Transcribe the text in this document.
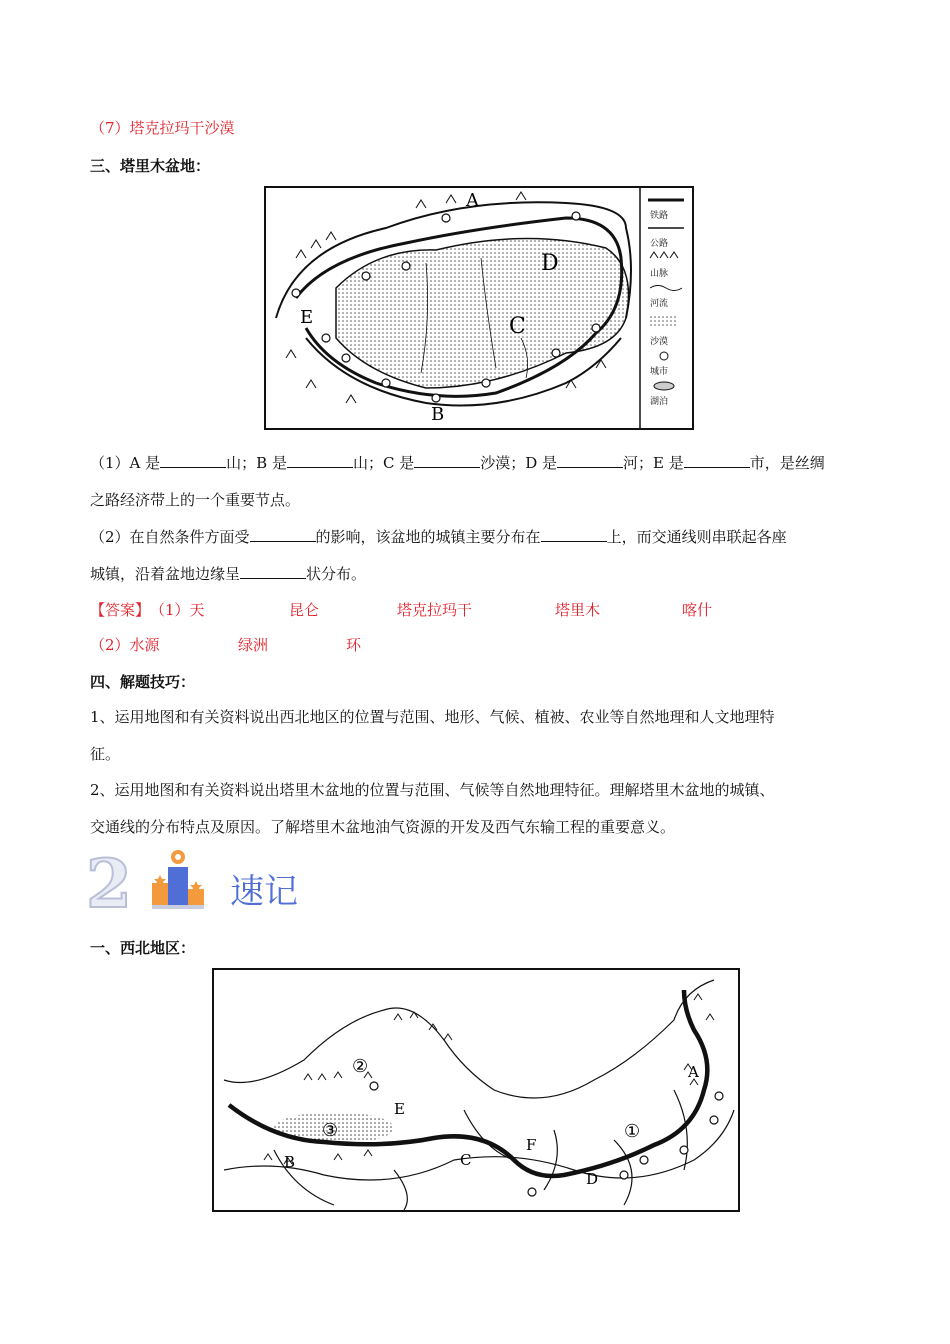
（7）塔克拉玛干沙漠
三、塔里木盆地：
A
B
C
D
E
铁路
公路
山脉
河流
沙漠
城市
湖泊
（1）A 是	山；B 是	山；C 是	沙漠；D 是	河；E 是	市，是丝绸
之路经济带上的一个重要节点。
（2）在自然条件方面受	的影响，该盆地的城镇主要分布在	上，而交通线则串联起各座
城镇，沿着盆地边缘呈	状分布。
【答案】 （1）天	昆仑	塔克拉玛干	塔里木	喀什
（2）水源	绿洲	环
四、解题技巧：
1、运用地图和有关资料说出西北地区的位置与范围、地形、气候、植被、农业等自然地理和人文地理特
征。
2、运用地图和有关资料说出塔里木盆地的位置与范围、气候等自然地理特征。理解塔里木盆地的城镇、
交通线的分布特点及原因。了解塔里木盆地油气资源的开发及西气东输工程的重要意义。
2	速记
一、西北地区：
②
③	①
A
B	C
D
E
F
